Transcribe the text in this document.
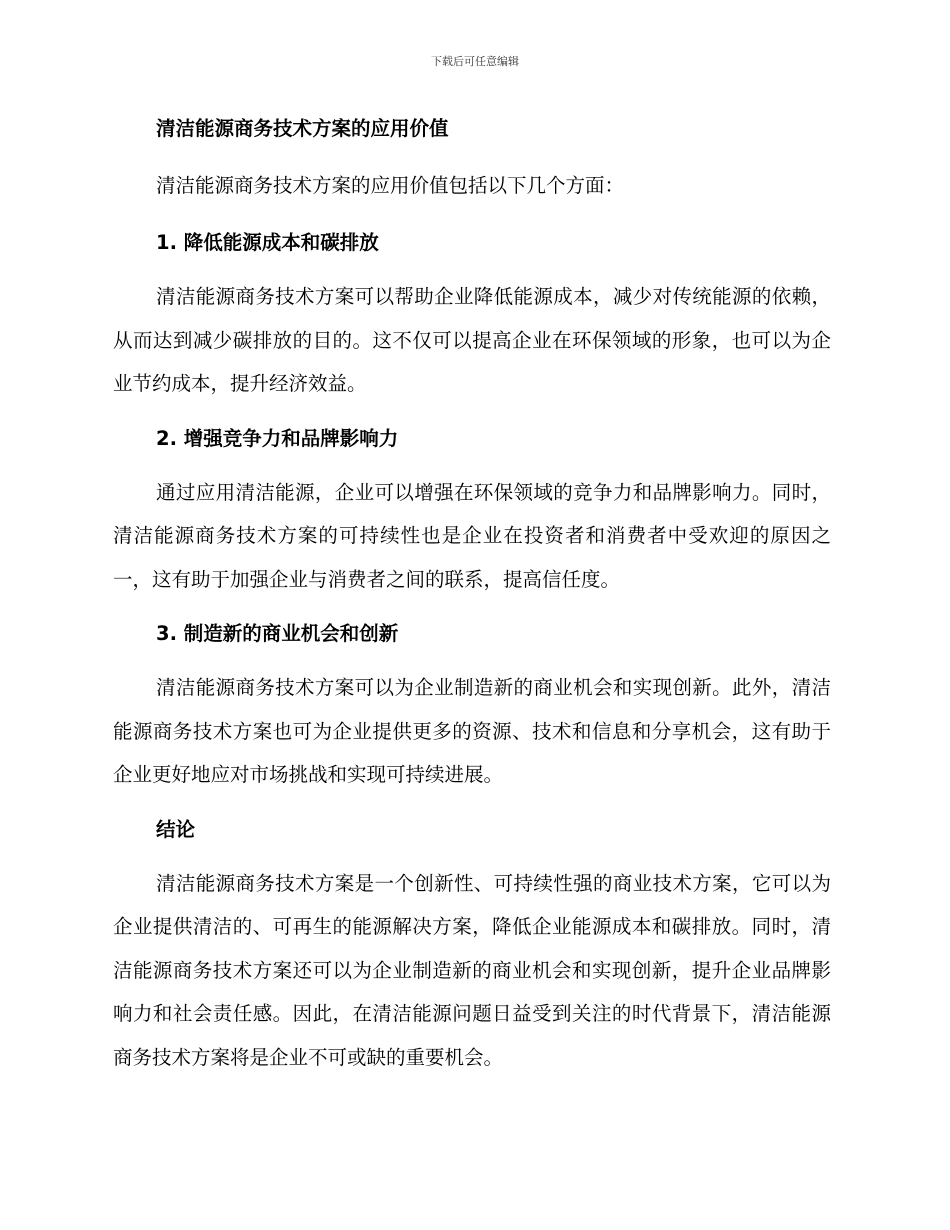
下载后可任意编辑
清洁能源商务技术方案的应用价值

清洁能源商务技术方案的应用价值包括以下几个方面：

1. 降低能源成本和碳排放

清洁能源商务技术方案可以帮助企业降低能源成本，减少对传统能源的依赖，从而达到减少碳排放的目的。这不仅可以提高企业在环保领域的形象，也可以为企业节约成本，提升经济效益。

2. 增强竞争力和品牌影响力

通过应用清洁能源，企业可以增强在环保领域的竞争力和品牌影响力。同时，清洁能源商务技术方案的可持续性也是企业在投资者和消费者中受欢迎的原因之一，这有助于加强企业与消费者之间的联系，提高信任度。

3. 制造新的商业机会和创新

清洁能源商务技术方案可以为企业制造新的商业机会和实现创新。此外，清洁能源商务技术方案也可为企业提供更多的资源、技术和信息和分享机会，这有助于企业更好地应对市场挑战和实现可持续进展。

结论

清洁能源商务技术方案是一个创新性、可持续性强的商业技术方案，它可以为企业提供清洁的、可再生的能源解决方案，降低企业能源成本和碳排放。同时，清洁能源商务技术方案还可以为企业制造新的商业机会和实现创新，提升企业品牌影响力和社会责任感。因此，在清洁能源问题日益受到关注的时代背景下，清洁能源商务技术方案将是企业不可或缺的重要机会。
